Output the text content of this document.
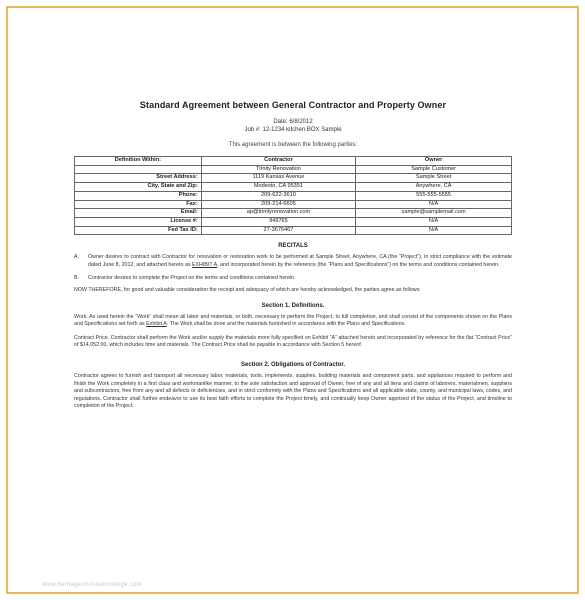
www.heritagechristiancollege.com
Standard Agreement between General Contractor and Property Owner
Date: 6/8/2012
Job #: 12-1234 kitchen BOX Sample
This agreement is between the following parties:
Definition Within:	Contractor	Owner
	Trinity Renovation	Sample Customer
Street Address:	1119 Kansas Avenue	Sample Street
City, State and Zip:	Modesto, CA 95351	Anywhere, CA
Phone:	209-622-3610	555-555-5555
Fax:	209-214-6605	N/A
Email:	ap@trinityrenovation.com	sample@samplemail.com
License #:	949765	N/A
Fed Tax ID:	27-3676467	N/A
RECITALS
A.	Owner desires to contract with Contractor for renovation or restoration work to be performed at Sample Street, Anywhere, CA (the “Project”), in strict compliance with the estimate dated June 8, 2012, and attached hereto as EXHIBIT A, and incorporated herein by the reference (the “Plans and Specifications”) on the terms and conditions contained herein.
B.	Contractor desires to complete the Project on the terms and conditions contained herein.
NOW THEREFORE, for good and valuable consideration the receipt and adequacy of which are hereby acknowledged, the parties agree as follows:
Section 1. Definitions.
Work. As used herein the “Work” shall mean all labor and materials, or both, necessary to perform the Project, to full completion, and shall consist of the components shown on the Plans and Specifications set forth as Exhibit A. The Work shall be done and the materials furnished in accordance with the Plans and Specifications.
Contract Price. Contractor shall perform the Work and/or supply the materials more fully specified on Exhibit “A” attached hereto and incorporated by reference for the flat “Contract Price” of $14,052.00, which includes time and materials. The Contract Price shall be payable in accordance with Section 5 hereof.
Section 2. Obligations of Contractor.
Contractor agrees to furnish and transport all necessary labor, materials, tools, implements, supplies, building materials and component parts, and appliances required to perform and finish the Work completely in a first class and workmanlike manner, to the sole satisfaction and approval of Owner, free of any and all liens and claims of laborers, materialmen, suppliers and subcontractors, free from any and all defects or deficiencies, and in strict conformity with the Plans and Specifications and all applicable state, county, and municipal laws, codes, and regulations. Contractor shall further endeavor to use its best faith efforts to complete the Project timely, and continually keep Owner apprised of the status of the Project, and timeline to completion of the Project.
